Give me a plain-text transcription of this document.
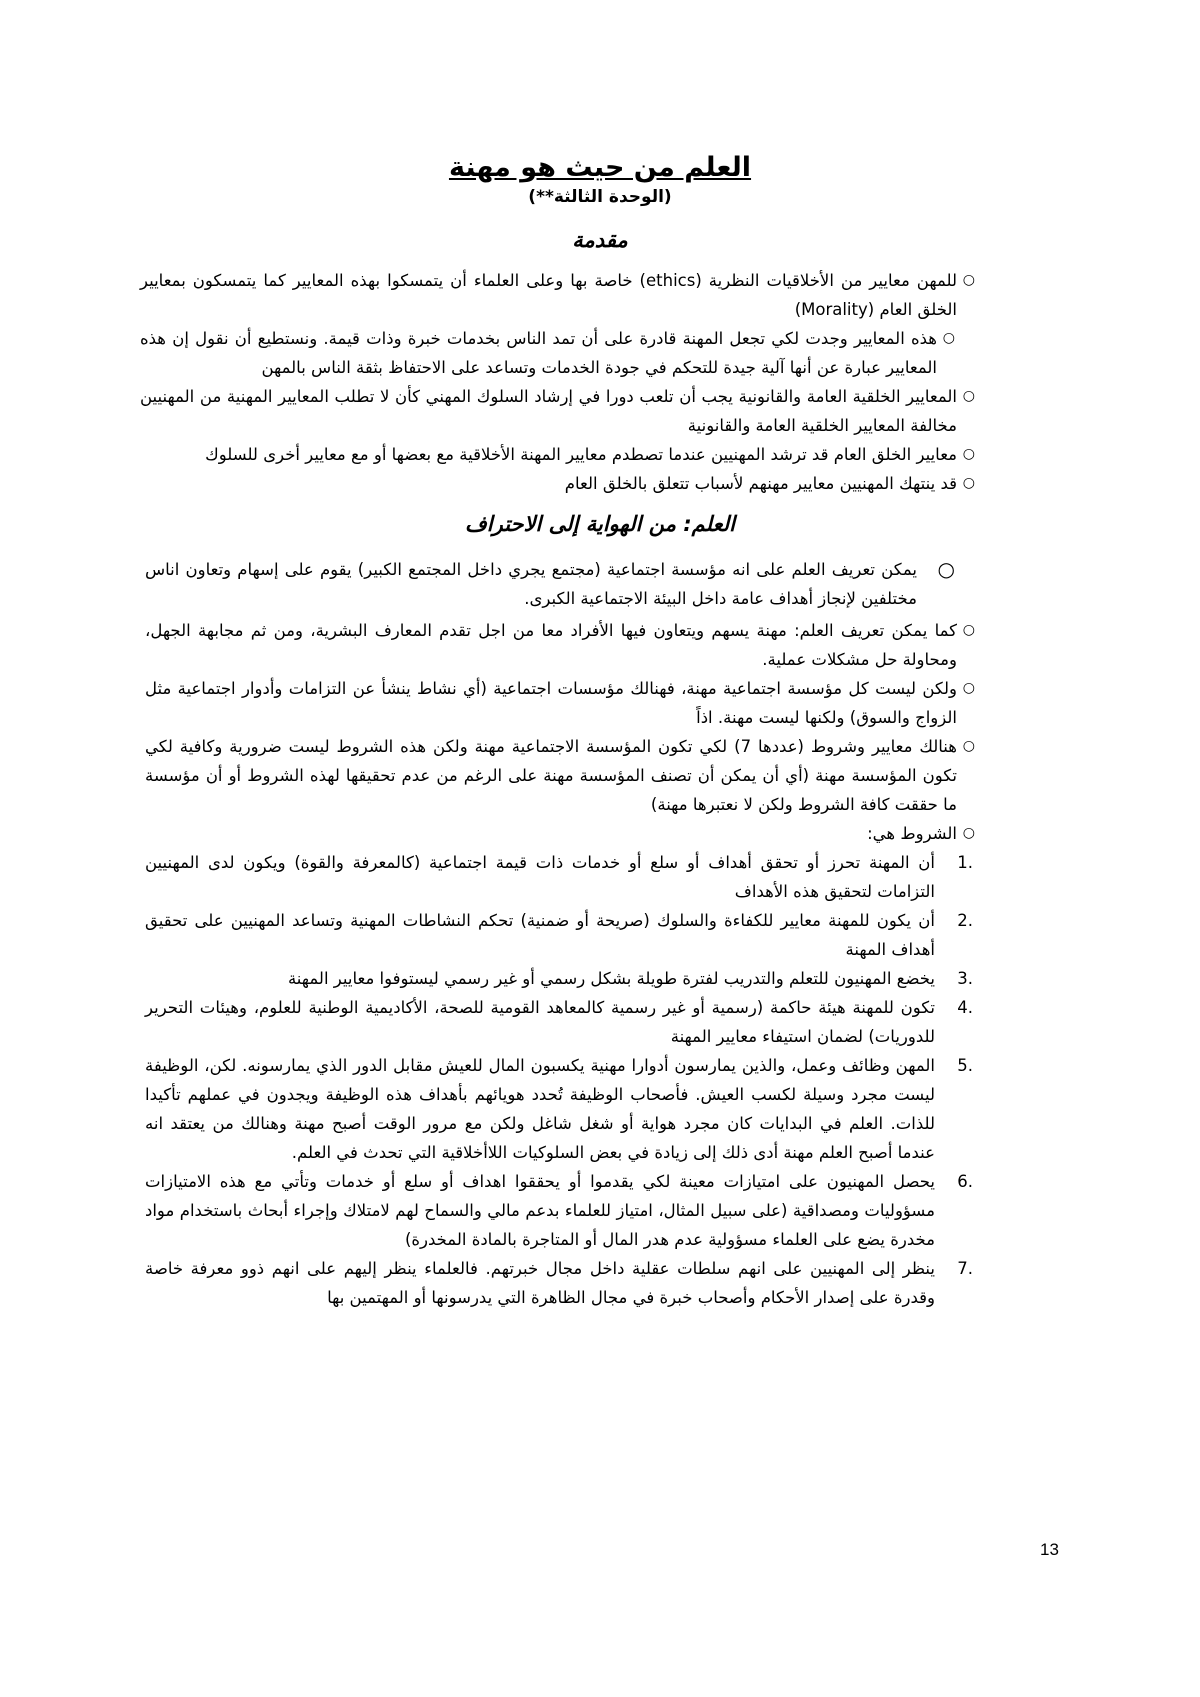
العلم من حيث هو مهنة

(الوحدة الثالثة**)

مقدمة
○
للمهن معايير من الأخلاقيات النظرية (ethics) خاصة بها وعلى العلماء أن يتمسكوا بهذه المعايير كما يتمسكون بمعايير الخلق العام (Morality)
○
هذه المعايير وجدت لكي تجعل المهنة قادرة على أن تمد الناس بخدمات خبرة وذات قيمة. ونستطيع أن نقول إن هذه المعايير عبارة عن أنها آلية جيدة للتحكم في جودة الخدمات وتساعد على الاحتفاظ بثقة الناس بالمهن
○
المعايير الخلقية العامة والقانونية يجب أن تلعب دورا في إرشاد السلوك المهني كأن لا تطلب المعايير المهنية من المهنيين مخالفة المعايير الخلقية العامة والقانونية
○
معايير الخلق العام قد ترشد المهنيين عندما تصطدم معايير المهنة الأخلاقية مع بعضها أو مع معايير أخرى للسلوك
○
قد ينتهك المهنيين معايير مهنهم لأسباب تتعلق بالخلق العام
العلم: من الهواية إلى الاحتراف
○
يمكن تعريف العلم على انه مؤسسة اجتماعية (مجتمع يجري داخل المجتمع الكبير) يقوم على إسهام وتعاون اناس مختلفين لإنجاز أهداف عامة داخل البيئة الاجتماعية الكبرى.
○
كما يمكن تعريف العلم: مهنة يسهم ويتعاون فيها الأفراد معا من اجل تقدم المعارف البشرية، ومن ثم مجابهة الجهل، ومحاولة حل مشكلات عملية.
○
ولكن ليست كل مؤسسة اجتماعية مهنة، فهنالك مؤسسات اجتماعية (أي نشاط ينشأ عن التزامات وأدوار اجتماعية مثل الزواج والسوق) ولكنها ليست مهنة. اذاً
○
هنالك معايير وشروط (عددها 7) لكي تكون المؤسسة الاجتماعية مهنة ولكن هذه الشروط ليست ضرورية وكافية لكي تكون المؤسسة مهنة (أي أن يمكن أن تصنف المؤسسة مهنة على الرغم من عدم تحقيقها لهذه الشروط أو أن مؤسسة ما حققت كافة الشروط ولكن لا نعتبرها مهنة)
○
الشروط هي:
1.
أن المهنة تحرز أو تحقق أهداف أو سلع أو خدمات ذات قيمة اجتماعية (كالمعرفة والقوة) ويكون لدى المهنيين التزامات لتحقيق هذه الأهداف
2.
أن يكون للمهنة معايير للكفاءة والسلوك (صريحة أو ضمنية) تحكم النشاطات المهنية وتساعد المهنيين على تحقيق أهداف المهنة
3.
يخضع المهنيون للتعلم والتدريب لفترة طويلة بشكل رسمي أو غير رسمي ليستوفوا معايير المهنة
4.
تكون للمهنة هيئة حاكمة (رسمية أو غير رسمية كالمعاهد القومية للصحة، الأكاديمية الوطنية للعلوم، وهيئات التحرير للدوريات) لضمان استيفاء معايير المهنة
5.
المهن وظائف وعمل، والذين يمارسون أدوارا مهنية يكسبون المال للعيش مقابل الدور الذي يمارسونه. لكن، الوظيفة ليست مجرد وسيلة لكسب العيش. فأصحاب الوظيفة تُحدد هويائهم بأهداف هذه الوظيفة ويجدون في عملهم تأكيدا للذات. العلم في البدايات كان مجرد هواية أو شغل شاغل ولكن مع مرور الوقت أصبح مهنة وهنالك من يعتقد انه عندما أصبح العلم مهنة أدى ذلك إلى زيادة في بعض السلوكيات اللاأخلاقية التي تحدث في العلم.
6.
يحصل المهنيون على امتيازات معينة لكي يقدموا أو يحققوا اهداف أو سلع أو خدمات وتأتي مع هذه الامتيازات مسؤوليات ومصداقية (على سبيل المثال، امتياز للعلماء بدعم مالي والسماح لهم لامتلاك وإجراء أبحاث باستخدام مواد مخدرة يضع على العلماء مسؤولية عدم هدر المال أو المتاجرة بالمادة المخدرة)
7.
ينظر إلى المهنيين على انهم سلطات عقلية داخل مجال خبرتهم. فالعلماء ينظر إليهم على انهم ذوو معرفة خاصة وقدرة على إصدار الأحكام وأصحاب خبرة في مجال الظاهرة التي يدرسونها أو المهتمين بها
13
